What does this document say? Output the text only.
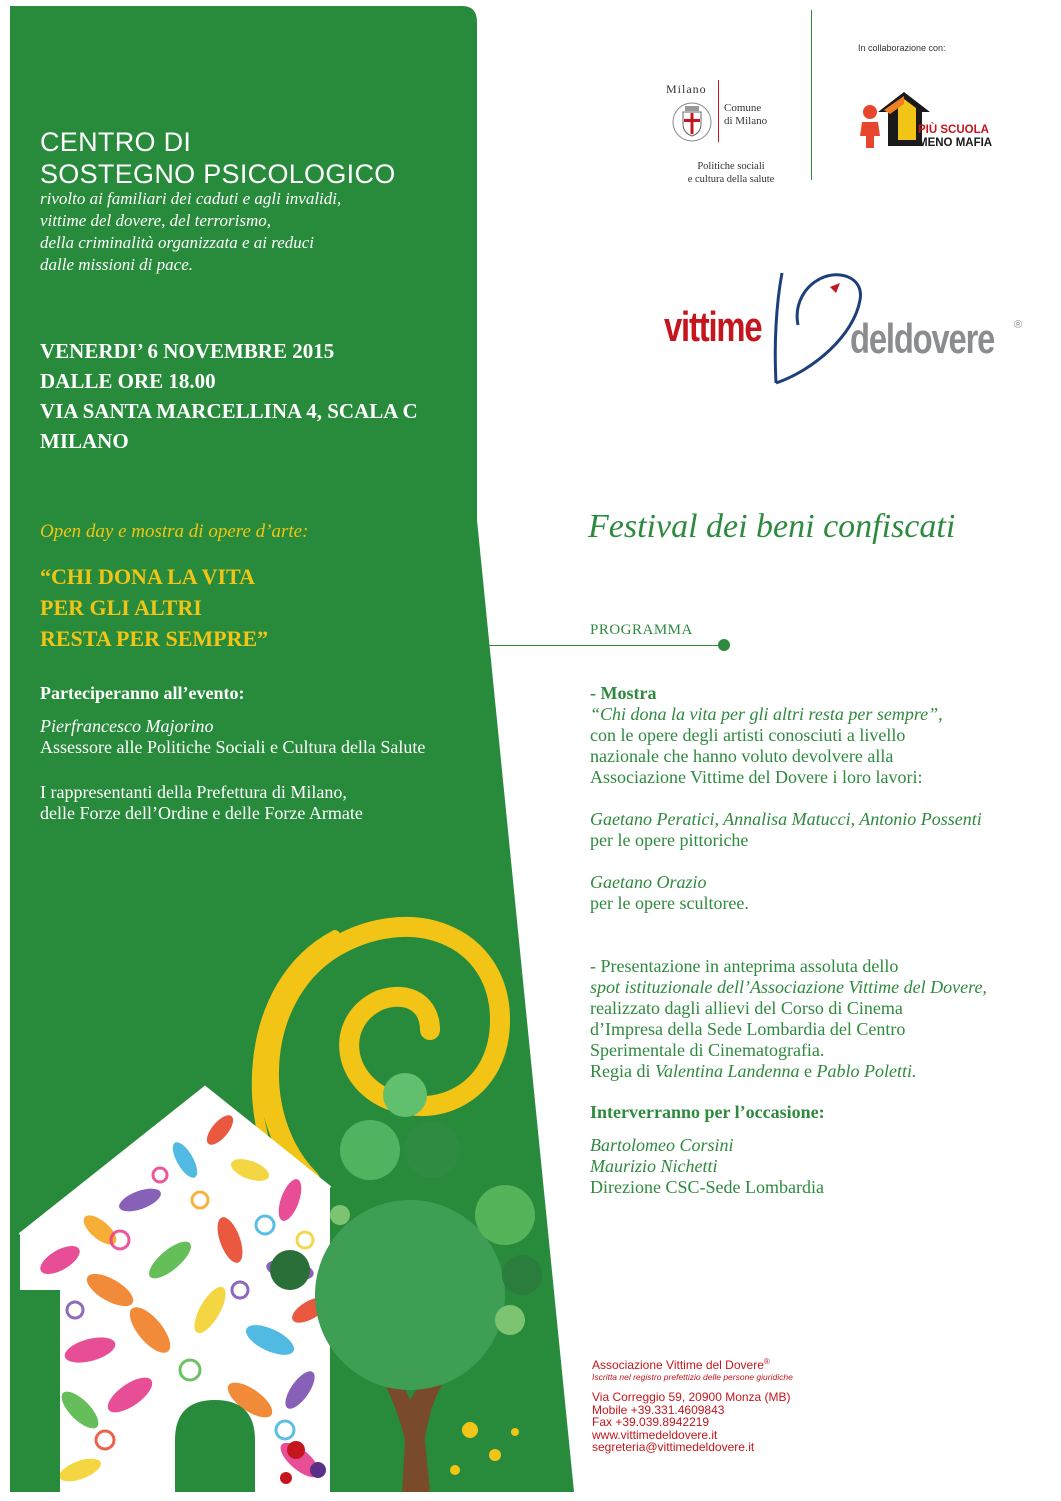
CENTRO DI
SOSTEGNO PSICOLOGICO
rivolto ai familiari dei caduti e agli invalidi,
vittime del dovere, del terrorismo,
della criminalità organizzata e ai reduci
dalle missioni di pace.
VENERDI’ 6 NOVEMBRE 2015
DALLE ORE 18.00
VIA SANTA MARCELLINA 4, SCALA C
MILANO
Open day e mostra di opere d’arte:
“CHI DONA LA VITA
PER GLI ALTRI
RESTA PER SEMPRE”
Parteciperanno all’evento:
Pierfrancesco Majorino
Assessore alle Politiche Sociali e Cultura della Salute
I rappresentanti della Prefettura di Milano,
delle Forze dell’Ordine e delle Forze Armate
Milano
Comune
di Milano
Politiche sociali
e cultura della salute
In collaborazione con:
PIÙ SCUOLA
MENO MAFIA
vittime deldovere ®
Festival dei beni confiscati
PROGRAMMA
- Mostra
“Chi dona la vita per gli altri resta per sempre”,
con le opere degli artisti conosciuti a livello
nazionale che hanno voluto devolvere alla
Associazione Vittime del Dovere i loro lavori:
Gaetano Peratici, Annalisa Matucci, Antonio Possenti
per le opere pittoriche
Gaetano Orazio
per le opere scultoree.
- Presentazione in anteprima assoluta dello
spot istituzionale dell’Associazione Vittime del Dovere,
realizzato dagli allievi del Corso di Cinema
d’Impresa della Sede Lombardia del Centro
Sperimentale di Cinematografia.
Regia di Valentina Landenna e Pablo Poletti.
Interverranno per l’occasione:
Bartolomeo Corsini
Maurizio Nichetti
Direzione CSC-Sede Lombardia
Associazione Vittime del Dovere®
Iscritta nel registro prefettizio delle persone giuridiche
Via Correggio 59, 20900 Monza (MB)
Mobile +39.331.4609843
Fax +39.039.8942219
www.vittimedeldovere.it
segreteria@vittimedeldovere.it
